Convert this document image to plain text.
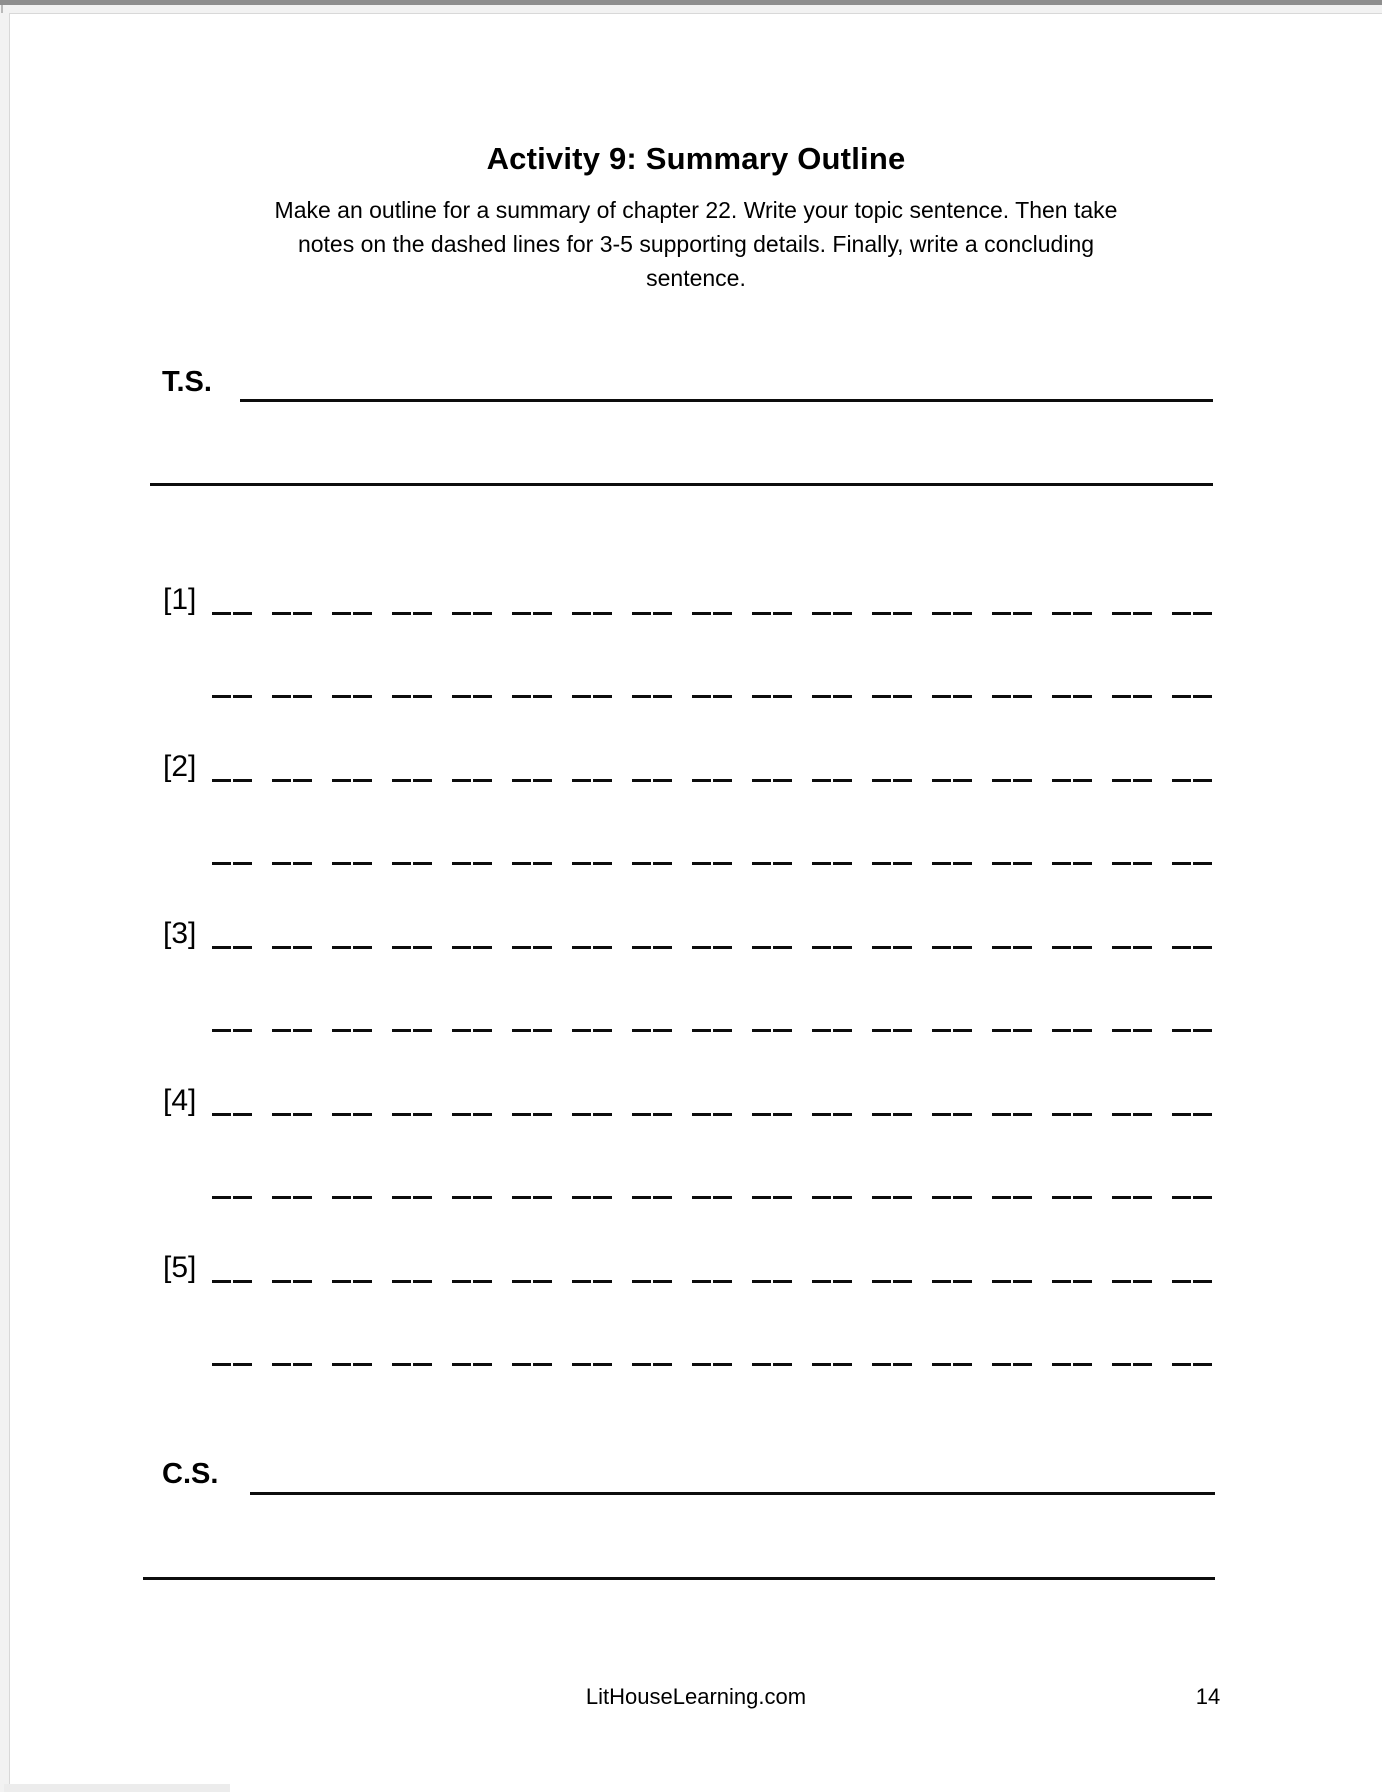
Activity 9: Summary Outline
Make an outline for a summary of chapter 22. Write your topic sentence. Then take notes on the dashed lines for 3-5 supporting details. Finally, write a concluding sentence.
T.S.
[1]
[2]
[3]
[4]
[5]
C.S.
LitHouseLearning.com	14
